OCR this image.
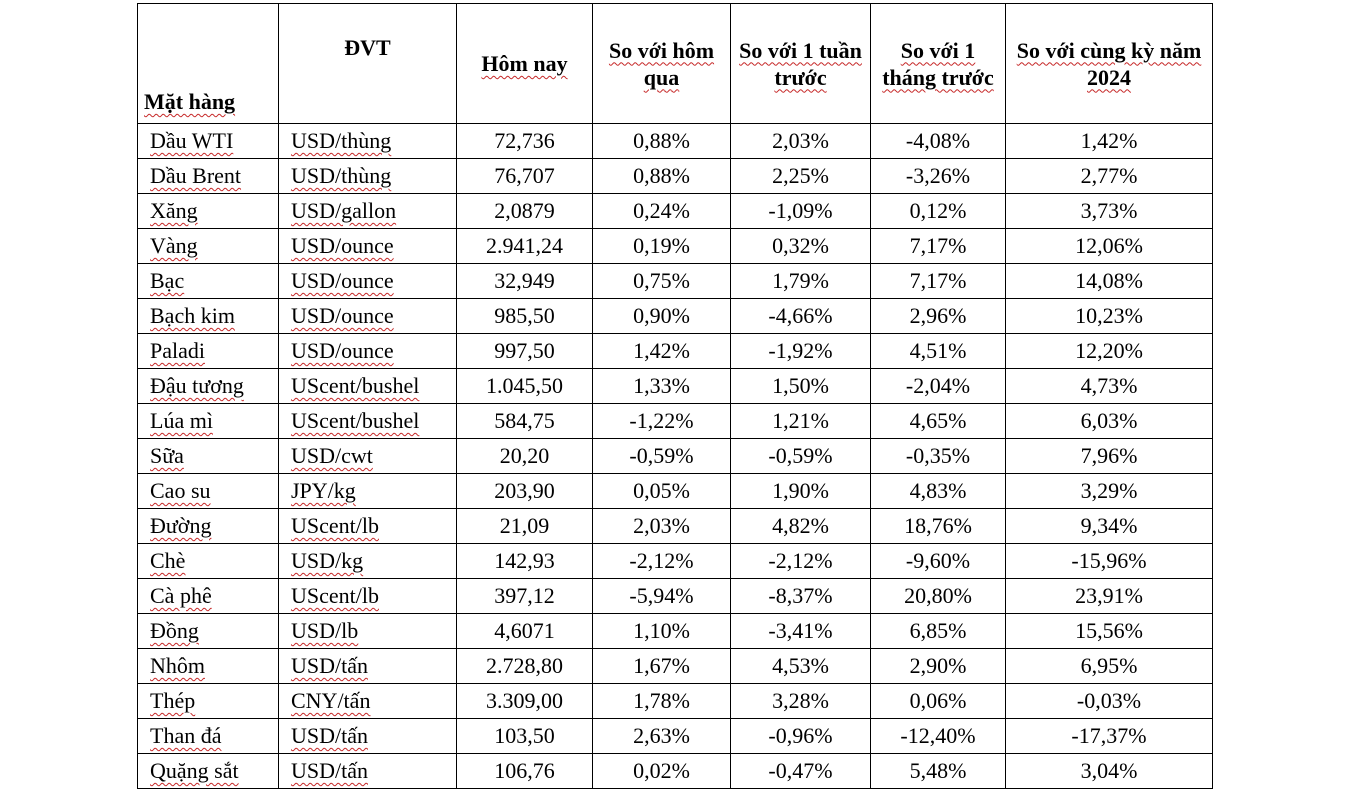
Mặt hàng	ĐVT	Hôm nay	So với hôm qua	So với 1 tuần trước	So với 1 tháng trước	So với cùng kỳ năm 2024
Dầu WTI	USD/thùng	72,736	0,88%	2,03%	-4,08%	1,42%
Dầu Brent	USD/thùng	76,707	0,88%	2,25%	-3,26%	2,77%
Xăng	USD/gallon	2,0879	0,24%	-1,09%	0,12%	3,73%
Vàng	USD/ounce	2.941,24	0,19%	0,32%	7,17%	12,06%
Bạc	USD/ounce	32,949	0,75%	1,79%	7,17%	14,08%
Bạch kim	USD/ounce	985,50	0,90%	-4,66%	2,96%	10,23%
Paladi	USD/ounce	997,50	1,42%	-1,92%	4,51%	12,20%
Đậu tương	UScent/bushel	1.045,50	1,33%	1,50%	-2,04%	4,73%
Lúa mì	UScent/bushel	584,75	-1,22%	1,21%	4,65%	6,03%
Sữa	USD/cwt	20,20	-0,59%	-0,59%	-0,35%	7,96%
Cao su	JPY/kg	203,90	0,05%	1,90%	4,83%	3,29%
Đường	UScent/lb	21,09	2,03%	4,82%	18,76%	9,34%
Chè	USD/kg	142,93	-2,12%	-2,12%	-9,60%	-15,96%
Cà phê	UScent/lb	397,12	-5,94%	-8,37%	20,80%	23,91%
Đồng	USD/lb	4,6071	1,10%	-3,41%	6,85%	15,56%
Nhôm	USD/tấn	2.728,80	1,67%	4,53%	2,90%	6,95%
Thép	CNY/tấn	3.309,00	1,78%	3,28%	0,06%	-0,03%
Than đá	USD/tấn	103,50	2,63%	-0,96%	-12,40%	-17,37%
Quặng sắt	USD/tấn	106,76	0,02%	-0,47%	5,48%	3,04%
